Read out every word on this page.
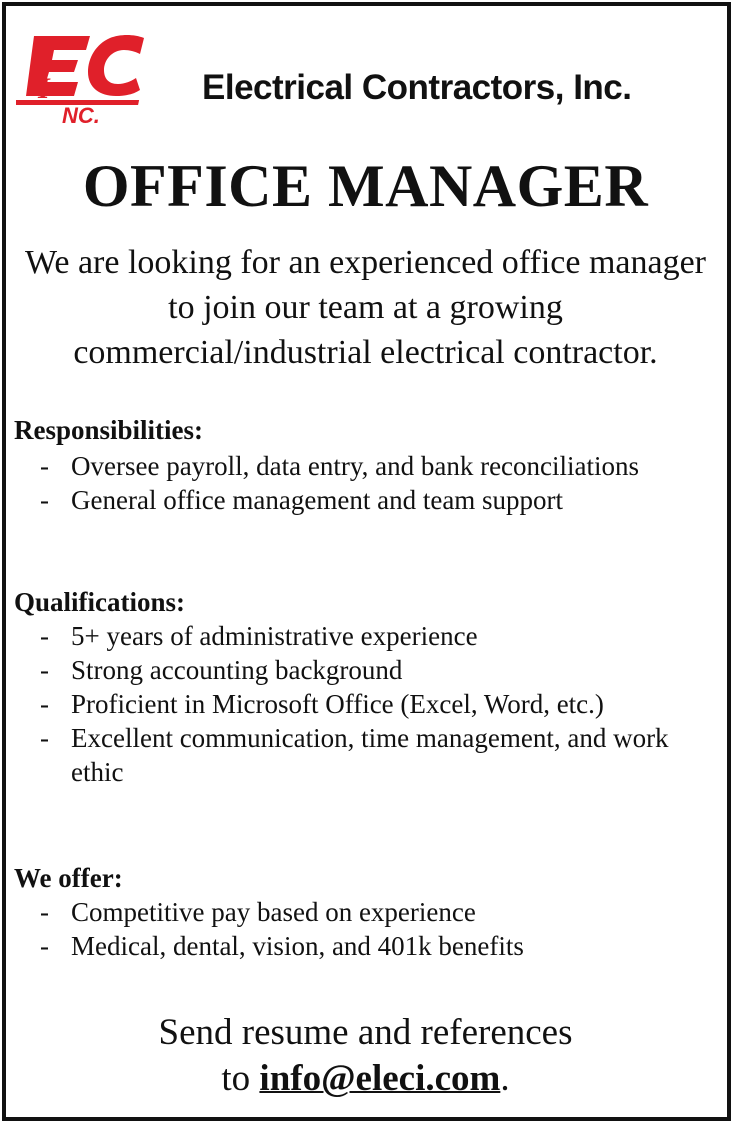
I
NC.
Electrical Contractors, Inc.
OFFICE MANAGER
We are looking for an experienced office manager to join our team at a growing commercial/industrial electrical contractor.
Responsibilities:
- Oversee payroll, data entry, and bank reconciliations
- General office management and team support
Qualifications:
- 5+ years of administrative experience
- Strong accounting background
- Proficient in Microsoft Office (Excel, Word, etc.)
- Excellent communication, time management, and work ethic
We offer:
- Competitive pay based on experience
- Medical, dental, vision, and 401k benefits
Send resume and references
to info@eleci.com.
